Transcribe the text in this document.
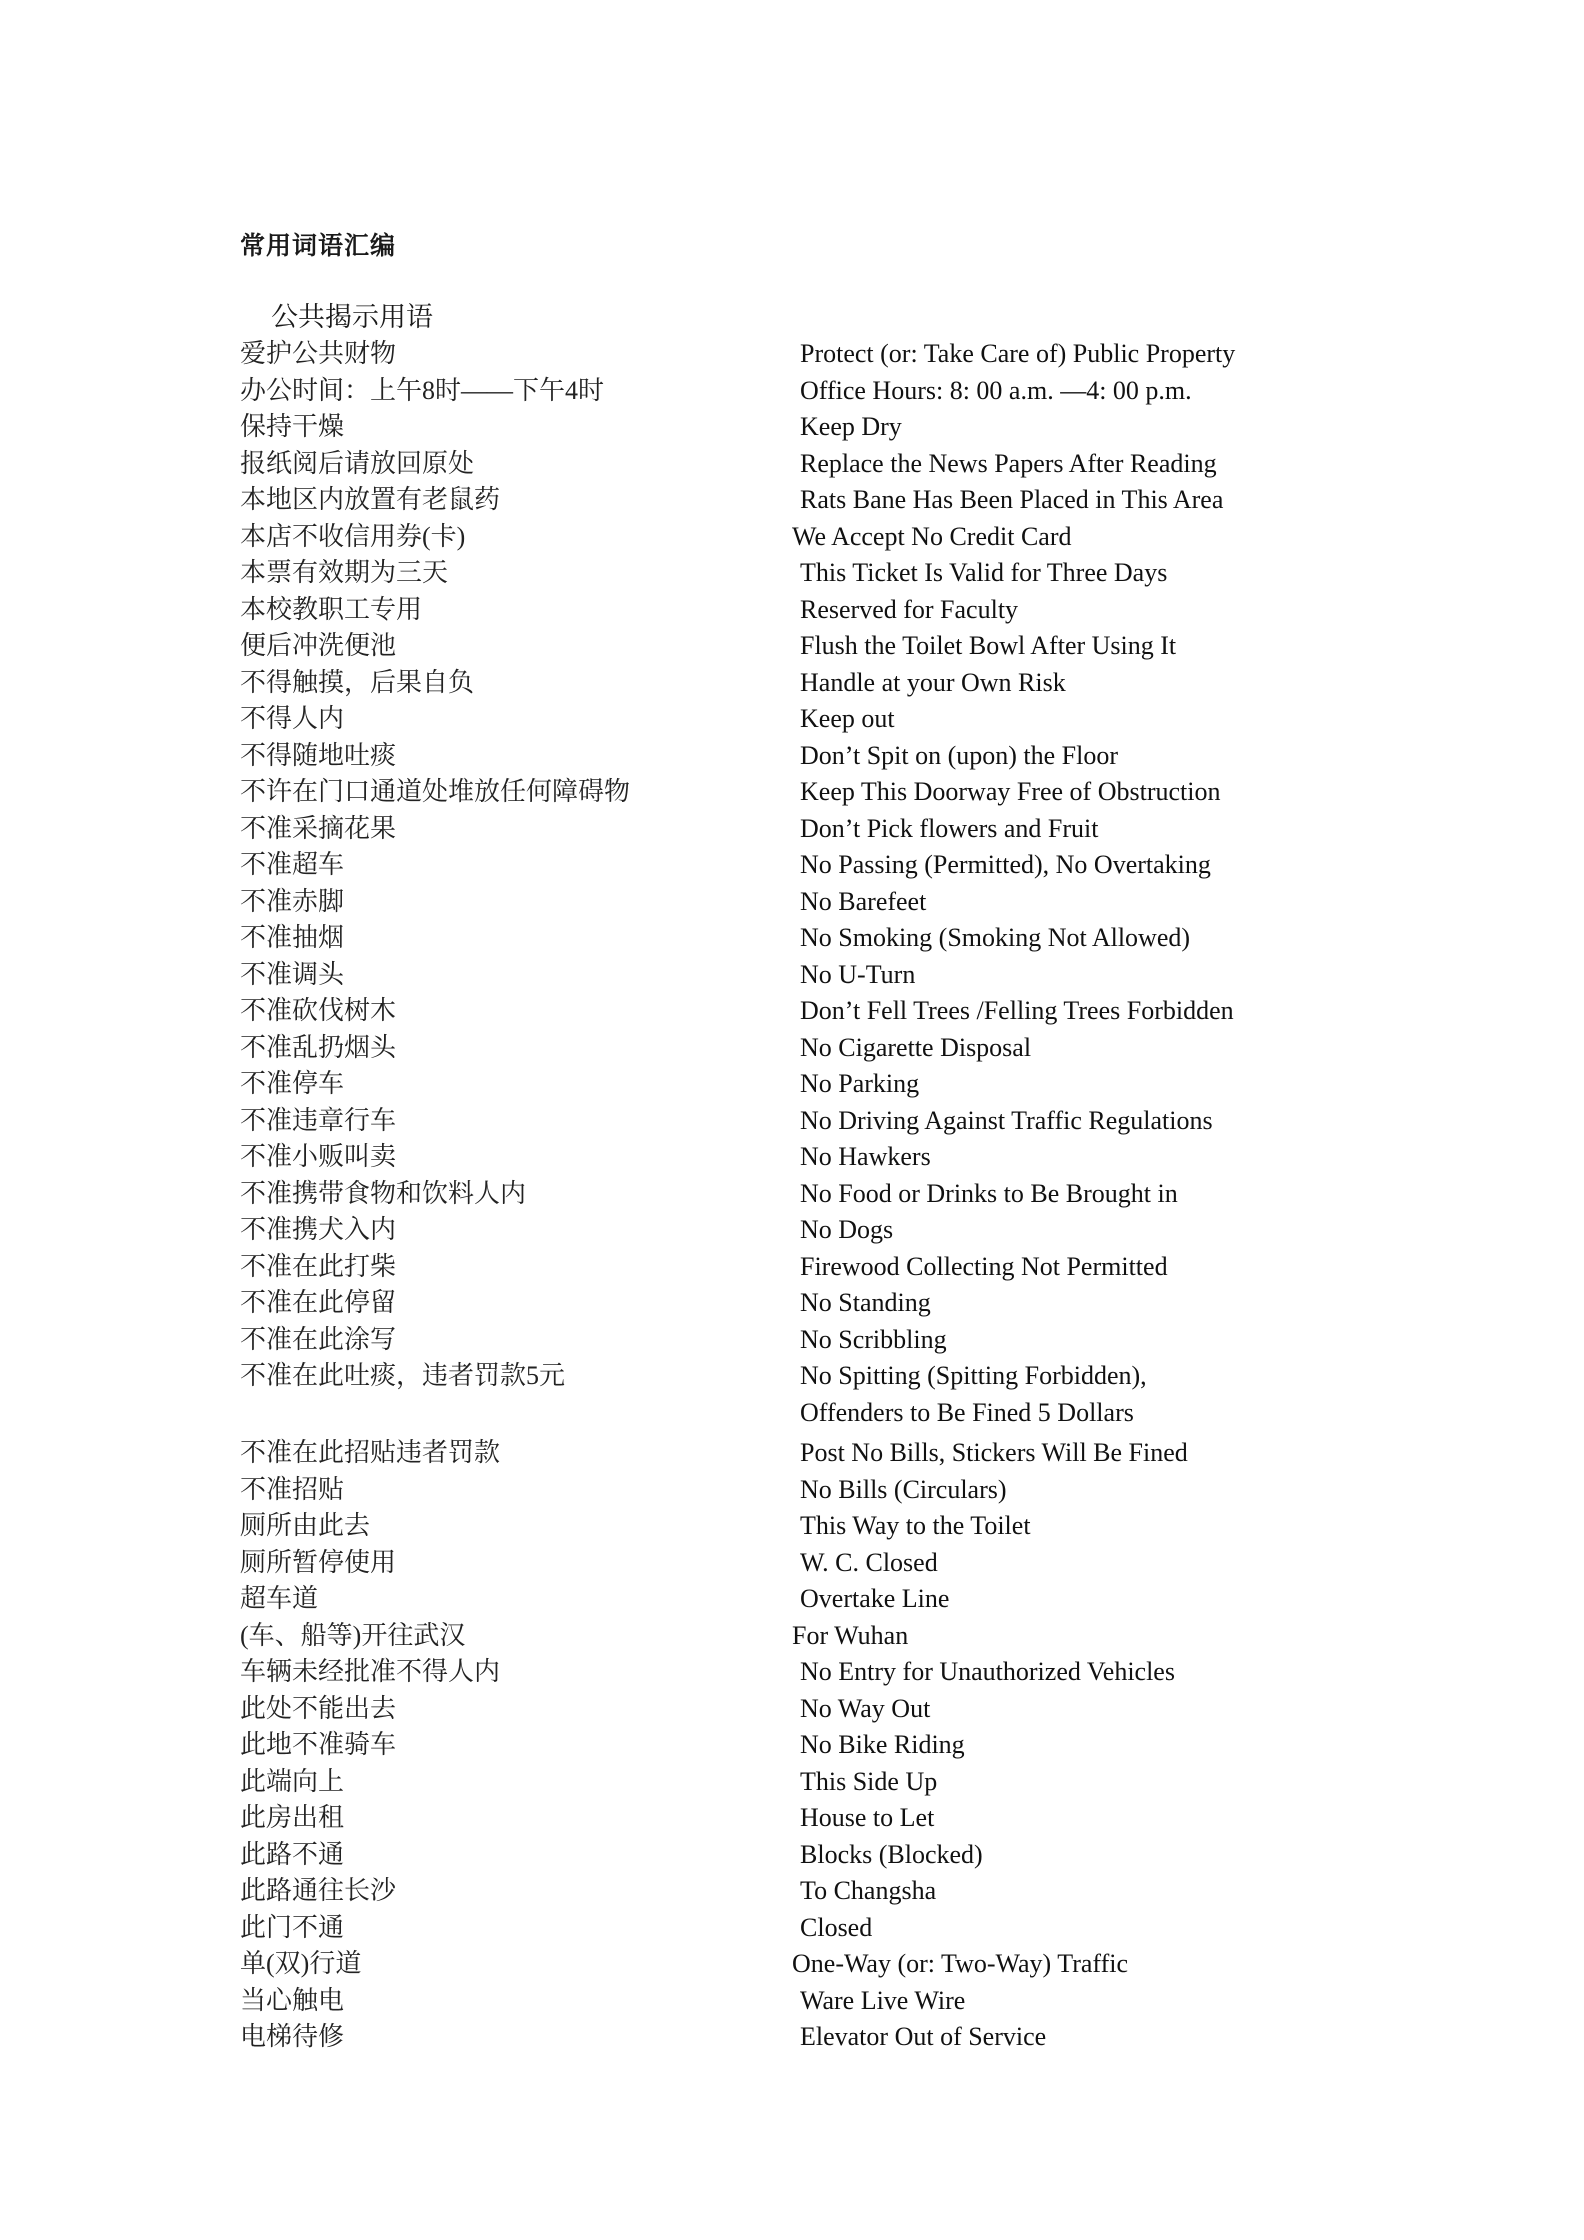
常用词语汇编
公共揭示用语
爱护公共财物	Protect (or: Take Care of) Public Property
办公时间：上午8时——下午4时	Office Hours: 8: 00 a.m. —4: 00 p.m.
保持干燥	Keep Dry
报纸阅后请放回原处	Replace the News Papers After Reading
本地区内放置有老鼠药	Rats Bane Has Been Placed in This Area
本店不收信用券(卡)	We Accept No Credit Card
本票有效期为三天	This Ticket Is Valid for Three Days
本校教职工专用	Reserved for Faculty
便后冲洗便池	Flush the Toilet Bowl After Using It
不得触摸，后果自负	Handle at your Own Risk
不得人内	Keep out
不得随地吐痰	Don’t Spit on (upon) the Floor
不许在门口通道处堆放任何障碍物	Keep This Doorway Free of Obstruction
不准采摘花果	Don’t Pick flowers and Fruit
不准超车	No Passing (Permitted), No Overtaking
不准赤脚	No Barefeet
不准抽烟	No Smoking (Smoking Not Allowed)
不准调头	No U-Turn
不准砍伐树木	Don’t Fell Trees /Felling Trees Forbidden
不准乱扔烟头	No Cigarette Disposal
不准停车	No Parking
不准违章行车	No Driving Against Traffic Regulations
不准小贩叫卖	No Hawkers
不准携带食物和饮料人内	No Food or Drinks to Be Brought in
不准携犬入内	No Dogs
不准在此打柴	Firewood Collecting Not Permitted
不准在此停留	No Standing
不准在此涂写	No Scribbling
不准在此吐痰，违者罚款5元	No Spitting (Spitting Forbidden),
Offenders to Be Fined 5 Dollars
不准在此招贴违者罚款	Post No Bills, Stickers Will Be Fined
不准招贴	No Bills (Circulars)
厕所由此去	This Way to the Toilet
厕所暂停使用	W. C. Closed
超车道	Overtake Line
(车、船等)开往武汉	For Wuhan
车辆未经批准不得人内	No Entry for Unauthorized Vehicles
此处不能出去	No Way Out
此地不准骑车	No Bike Riding
此端向上	This Side Up
此房出租	House to Let
此路不通	Blocks (Blocked)
此路通往长沙	To Changsha
此门不通	Closed
单(双)行道	One-Way (or: Two-Way) Traffic
当心触电	Ware Live Wire
电梯待修	Elevator Out of Service
